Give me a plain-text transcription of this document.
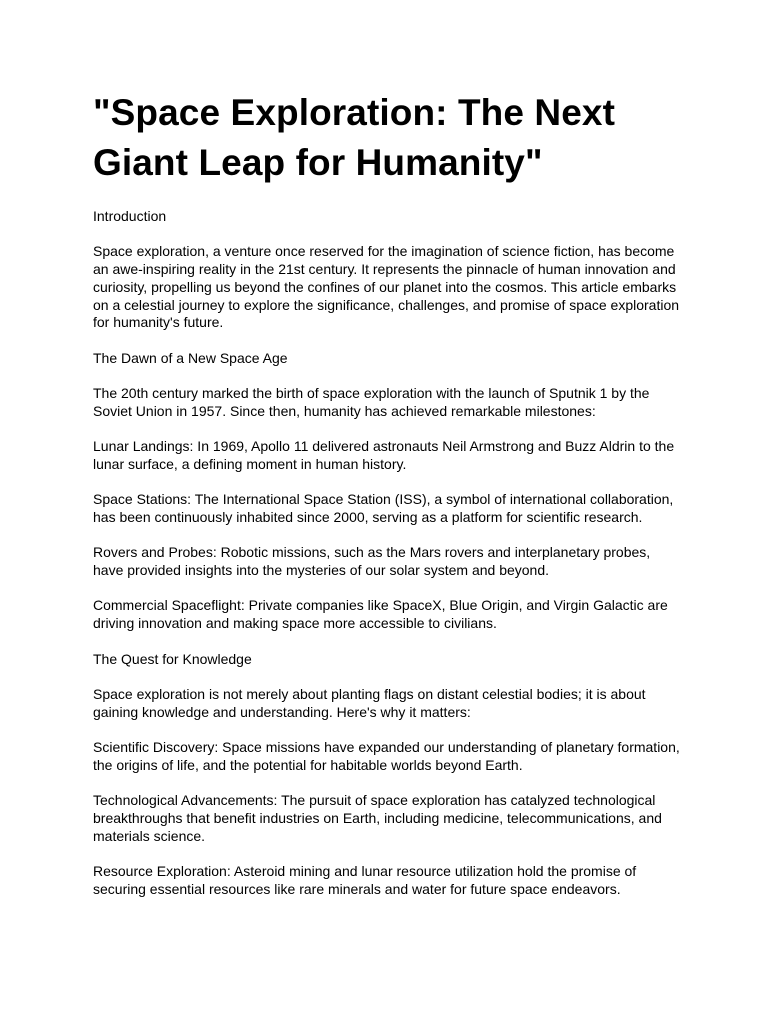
"Space Exploration: The Next Giant Leap for Humanity"

Introduction

Space exploration, a venture once reserved for the imagination of science fiction, has become an awe-inspiring reality in the 21st century. It represents the pinnacle of human innovation and curiosity, propelling us beyond the confines of our planet into the cosmos. This article embarks on a celestial journey to explore the significance, challenges, and promise of space exploration for humanity's future.

The Dawn of a New Space Age

The 20th century marked the birth of space exploration with the launch of Sputnik 1 by the Soviet Union in 1957. Since then, humanity has achieved remarkable milestones:

Lunar Landings: In 1969, Apollo 11 delivered astronauts Neil Armstrong and Buzz Aldrin to the lunar surface, a defining moment in human history.

Space Stations: The International Space Station (ISS), a symbol of international collaboration, has been continuously inhabited since 2000, serving as a platform for scientific research.

Rovers and Probes: Robotic missions, such as the Mars rovers and interplanetary probes, have provided insights into the mysteries of our solar system and beyond.

Commercial Spaceflight: Private companies like SpaceX, Blue Origin, and Virgin Galactic are driving innovation and making space more accessible to civilians.

The Quest for Knowledge

Space exploration is not merely about planting flags on distant celestial bodies; it is about gaining knowledge and understanding. Here's why it matters:

Scientific Discovery: Space missions have expanded our understanding of planetary formation, the origins of life, and the potential for habitable worlds beyond Earth.

Technological Advancements: The pursuit of space exploration has catalyzed technological breakthroughs that benefit industries on Earth, including medicine, telecommunications, and materials science.

Resource Exploration: Asteroid mining and lunar resource utilization hold the promise of securing essential resources like rare minerals and water for future space endeavors.
